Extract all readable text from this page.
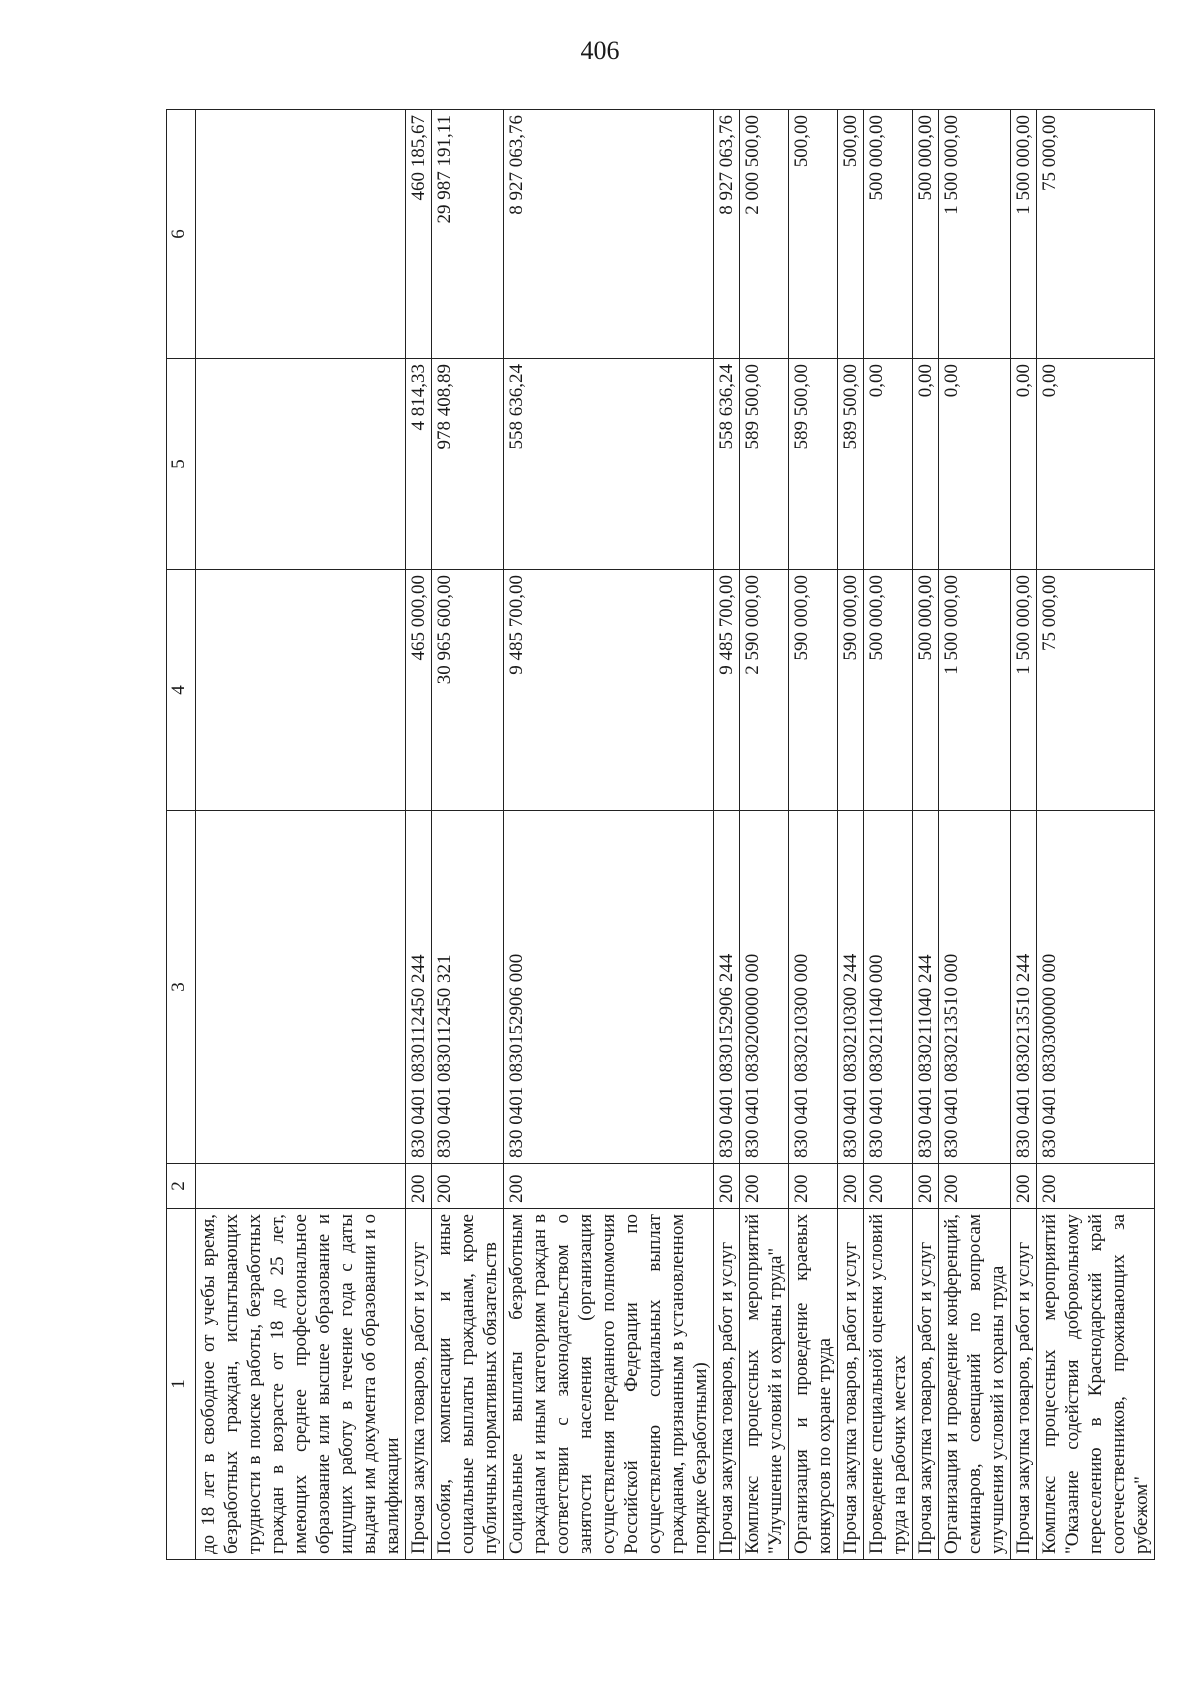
406
1	2	3	4	5	6
до 18 лет в свободное от учебы время, безработных граждан, испытывающих трудности в поиске работы, безработных граждан в возрасте от 18 до 25 лет, имеющих среднее профессиональное образование или высшее образование и ищущих работу в течение года с даты выдачи им документа об образовании и о квалификации					
Прочая закупка товаров, работ и услуг	200	830 0401 0830112450 244	465 000,00	4 814,33	460 185,67
Пособия, компенсации и иные социальные выплаты гражданам, кроме публичных нормативных обязательств	200	830 0401 0830112450 321	30 965 600,00	978 408,89	29 987 191,11
Социальные выплаты безработным гражданам и иным категориям граждан в соответствии с законодательством о занятости населения (организация осуществления переданного полномочия Российской Федерации по осуществлению социальных выплат гражданам, признанным в установленном порядке безработными)	200	830 0401 0830152906 000	9 485 700,00	558 636,24	8 927 063,76
Прочая закупка товаров, работ и услуг	200	830 0401 0830152906 244	9 485 700,00	558 636,24	8 927 063,76
Комплекс процессных мероприятий "Улучшение условий и охраны труда"	200	830 0401 0830200000 000	2 590 000,00	589 500,00	2 000 500,00
Организация и проведение краевых конкурсов по охране труда	200	830 0401 0830210300 000	590 000,00	589 500,00	500,00
Прочая закупка товаров, работ и услуг	200	830 0401 0830210300 244	590 000,00	589 500,00	500,00
Проведение специальной оценки условий труда на рабочих местах	200	830 0401 0830211040 000	500 000,00	0,00	500 000,00
Прочая закупка товаров, работ и услуг	200	830 0401 0830211040 244	500 000,00	0,00	500 000,00
Организация и проведение конференций, семинаров, совещаний по вопросам улучшения условий и охраны труда	200	830 0401 0830213510 000	1 500 000,00	0,00	1 500 000,00
Прочая закупка товаров, работ и услуг	200	830 0401 0830213510 244	1 500 000,00	0,00	1 500 000,00
Комплекс процессных мероприятий "Оказание содействия добровольному переселению в Краснодарский край соотечественников, проживающих за рубежом"	200	830 0401 0830300000 000	75 000,00	0,00	75 000,00
